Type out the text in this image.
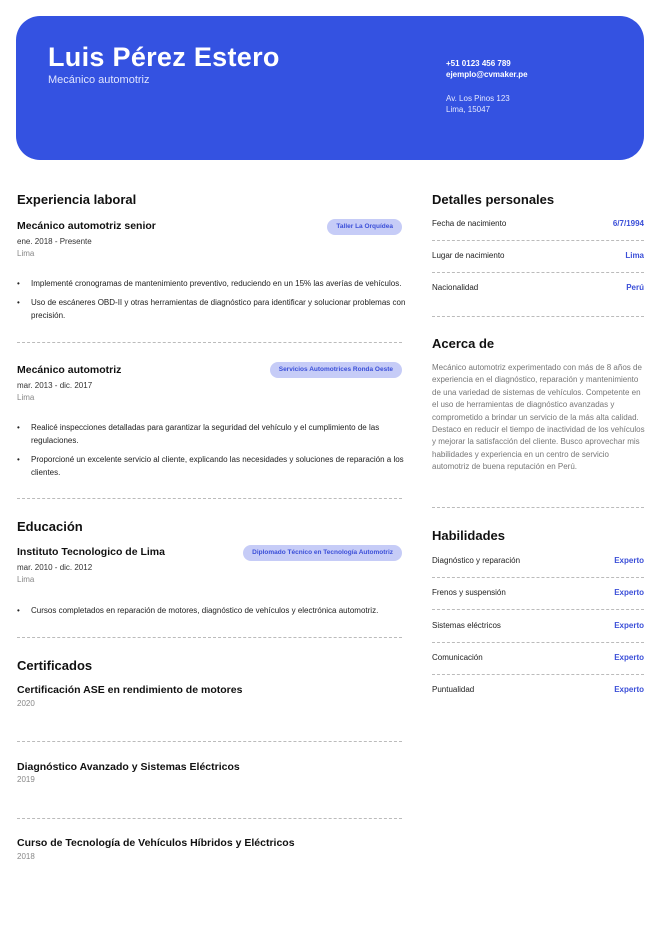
Luis Pérez Estero
Mecánico automotriz
+51 0123 456 789
ejemplo@cvmaker.pe
Av. Los Pinos 123
Lima, 15047
Experiencia laboral
Mecánico automotriz senior	Taller La Orquídea
ene. 2018 - Presente
Lima
• Implementé cronogramas de mantenimiento preventivo, reduciendo en un 15% las averías de vehículos.
• Uso de escáneres OBD-II y otras herramientas de diagnóstico para identificar y solucionar problemas con precisión.
Mecánico automotriz	Servicios Automotrices Ronda Oeste
mar. 2013 - dic. 2017
Lima
• Realicé inspecciones detalladas para garantizar la seguridad del vehículo y el cumplimiento de las regulaciones.
• Proporcioné un excelente servicio al cliente, explicando las necesidades y soluciones de reparación a los clientes.
Educación
Instituto Tecnologico de Lima	Diplomado Técnico en Tecnología Automotriz
mar. 2010 - dic. 2012
Lima
• Cursos completados en reparación de motores, diagnóstico de vehículos y electrónica automotriz.
Certificados
Certificación ASE en rendimiento de motores
2020
Diagnóstico Avanzado y Sistemas Eléctricos
2019
Curso de Tecnología de Vehículos Híbridos y Eléctricos
2018
Detalles personales
Fecha de nacimiento	6/7/1994
Lugar de nacimiento	Lima
Nacionalidad	Perú
Acerca de
Mecánico automotriz experimentado con más de 8 años de experiencia en el diagnóstico, reparación y mantenimiento de una variedad de sistemas de vehículos. Competente en el uso de herramientas de diagnóstico avanzadas y comprometido a brindar un servicio de la más alta calidad. Destaco en reducir el tiempo de inactividad de los vehículos y mejorar la satisfacción del cliente. Busco aprovechar mis habilidades y experiencia en un centro de servicio automotriz de buena reputación en Perú.
Habilidades
Diagnóstico y reparación	Experto
Frenos y suspensión	Experto
Sistemas eléctricos	Experto
Comunicación	Experto
Puntualidad	Experto
